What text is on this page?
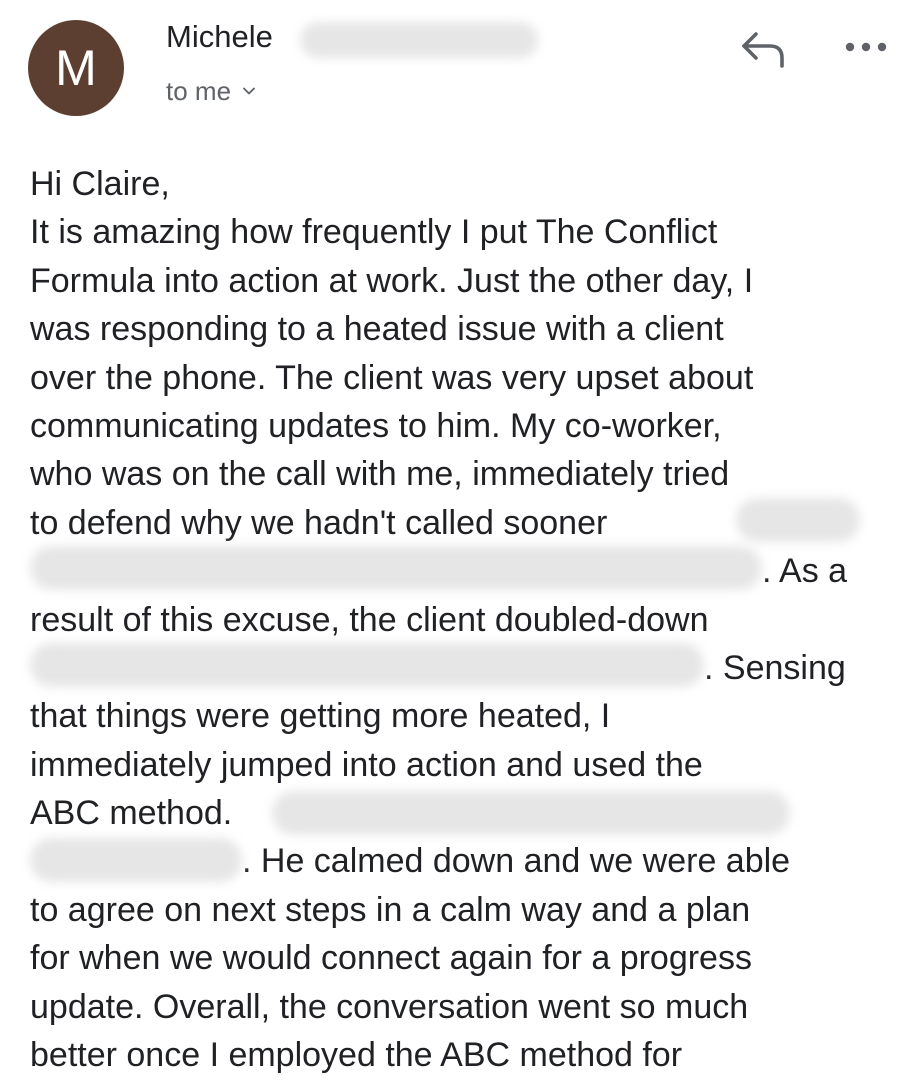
M
Michele
to me
Hi Claire,
It is amazing how frequently I put The Conflict
Formula into action at work. Just the other day, I
was responding to a heated issue with a client
over the phone. The client was very upset about
communicating updates to him. My co-worker,
who was on the call with me, immediately tried
to defend why we hadn't called sooner
. As a
result of this excuse, the client doubled-down
. Sensing
that things were getting more heated, I
immediately jumped into action and used the
ABC method.
. He calmed down and we were able
to agree on next steps in a calm way and a plan
for when we would connect again for a progress
update. Overall, the conversation went so much
better once I employed the ABC method for
